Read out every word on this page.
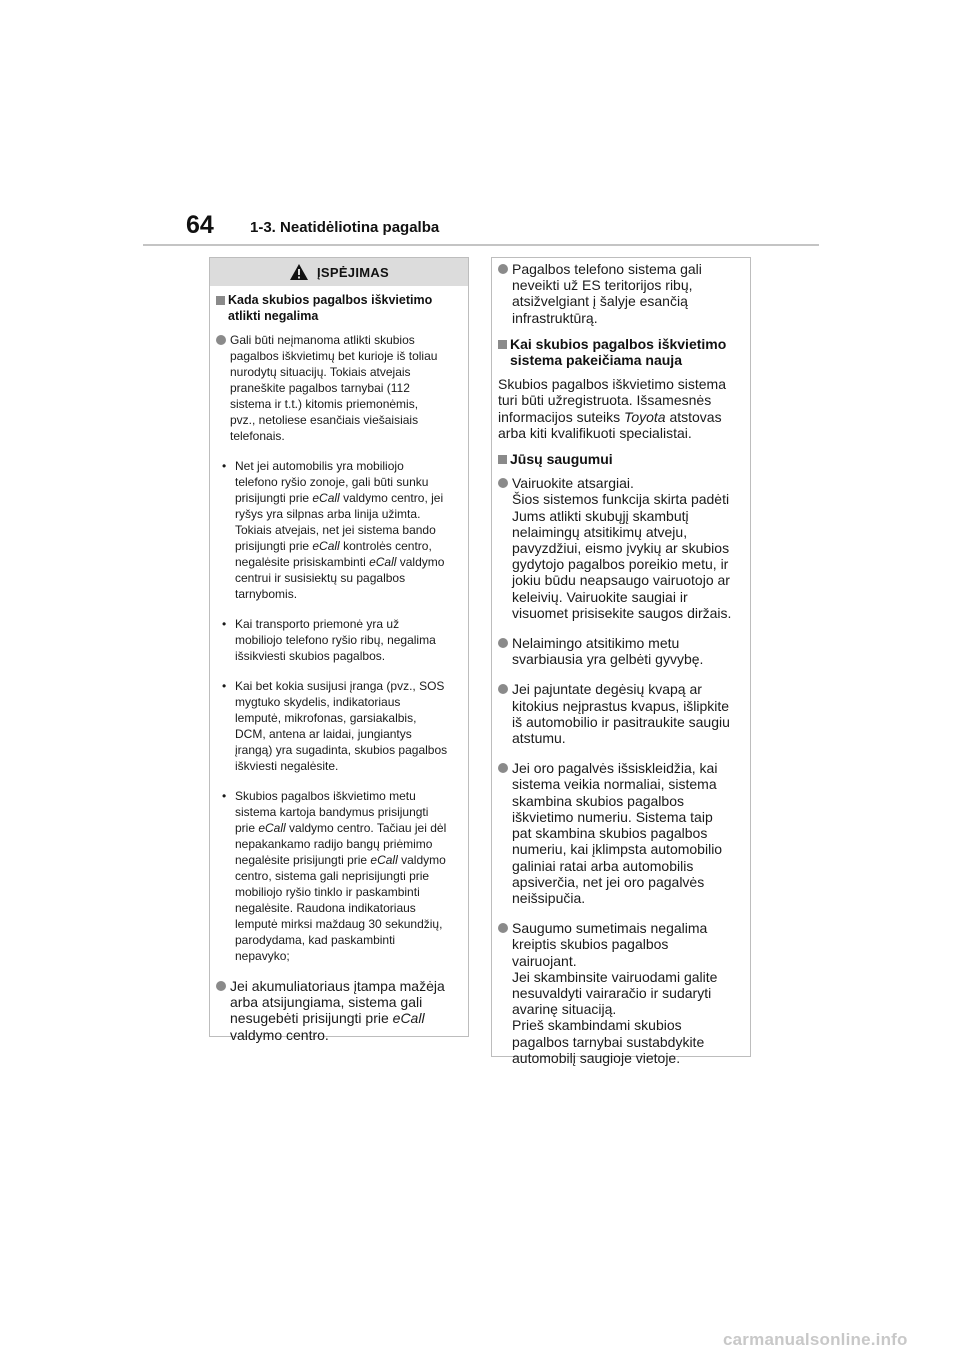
64 1-3. Neatidėliotina pagalba
ĮSPĖJIMAS
Kada skubios pagalbos iškvietimo
atlikti negalima
Gali būti neįmanoma atlikti skubios
pagalbos iškvietimų bet kurioje iš toliau
nurodytų situacijų. Tokiais atvejais
praneškite pagalbos tarnybai (112
sistema ir t.t.) kitomis priemonėmis,
pvz., netoliese esančiais viešaisiais
telefonais.
• Net jei automobilis yra mobiliojo
telefono ryšio zonoje, gali būti sunku
prisijungti prie eCall valdymo centro, jei
ryšys yra silpnas arba linija užimta.
Tokiais atvejais, net jei sistema bando
prisijungti prie eCall kontrolės centro,
negalėsite prisiskambinti eCall valdymo
centrui ir susisiektų su pagalbos
tarnybomis.
• Kai transporto priemonė yra už
mobiliojo telefono ryšio ribų, negalima
išsikviesti skubios pagalbos.
• Kai bet kokia susijusi įranga (pvz., SOS
mygtuko skydelis, indikatoriaus
lemputė, mikrofonas, garsiakalbis,
DCM, antena ar laidai, jungiantys
įrangą) yra sugadinta, skubios pagalbos
iškviesti negalėsite.
• Skubios pagalbos iškvietimo metu
sistema kartoja bandymus prisijungti
prie eCall valdymo centro. Tačiau jei dėl
nepakankamo radijo bangų priėmimo
negalėsite prisijungti prie eCall valdymo
centro, sistema gali neprisijungti prie
mobiliojo ryšio tinklo ir paskambinti
negalėsite. Raudona indikatoriaus
lemputė mirksi maždaug 30 sekundžių,
parodydama, kad paskambinti
nepavyko;
Jei akumuliatoriaus įtampa mažėja
arba atsijungiama, sistema gali
nesugebėti prisijungti prie eCall
valdymo centro.
Pagalbos telefono sistema gali
neveikti už ES teritorijos ribų,
atsižvelgiant į šalyje esančią
infrastruktūrą.
Kai skubios pagalbos iškvietimo
sistema pakeičiama nauja
Skubios pagalbos iškvietimo sistema
turi būti užregistruota. Išsamesnės
informacijos suteiks Toyota atstovas
arba kiti kvalifikuoti specialistai.
Jūsų saugumui
Vairuokite atsargiai.
Šios sistemos funkcija skirta padėti
Jums atlikti skubųjį skambutį
nelaimingų atsitikimų atveju,
pavyzdžiui, eismo įvykių ar skubios
gydytojo pagalbos poreikio metu, ir
jokiu būdu neapsaugo vairuotojo ar
keleivių. Vairuokite saugiai ir
visuomet prisisekite saugos diržais.
Nelaimingo atsitikimo metu
svarbiausia yra gelbėti gyvybę.
Jei pajuntate degėsių kvapą ar
kitokius neįprastus kvapus, išlipkite
iš automobilio ir pasitraukite saugiu
atstumu.
Jei oro pagalvės išsiskleidžia, kai
sistema veikia normaliai, sistema
skambina skubios pagalbos
iškvietimo numeriu. Sistema taip
pat skambina skubios pagalbos
numeriu, kai įklimpsta automobilio
galiniai ratai arba automobilis
apsiverčia, net jei oro pagalvės
neišsipučia.
Saugumo sumetimais negalima
kreiptis skubios pagalbos
vairuojant.
Jei skambinsite vairuodami galite
nesuvaldyti vairaračio ir sudaryti
avarinę situaciją.
Prieš skambindami skubios
pagalbos tarnybai sustabdykite
automobilį saugioje vietoje.
carmanualsonline.info
